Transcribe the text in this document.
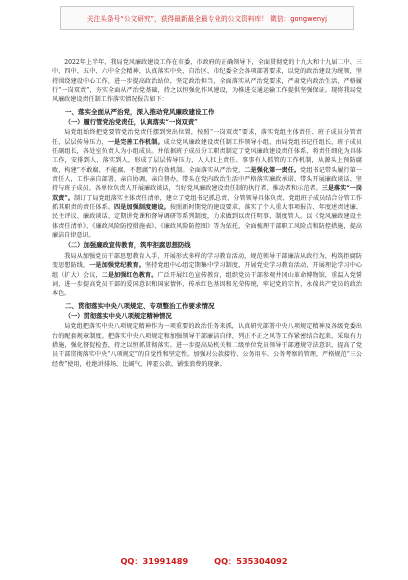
关注头条号“公文研究”，获得最新最全最专业的公文资料库！ 微信：gongwenyj

2022年上半年，我局党风廉政建设工作在市委、市政府的正确领导下，全面贯彻党的十九大和十九届二中、三中、四中、五中、六中全会精神，认真落实中央、自治区、市纪委全会各项部署要求，以党的政治建设为统领，坚持围绕建设中心工作，进一步提高政治站位，坚定政治担当，全面落实从严治党要求，严肃党内政治生活，严格履行“一岗双责”，夯实全面从严治党基础，持之以恒强化作风建设，为推进交通运输工作提供坚强保证。现将我局党风廉政建设责任制工作落实情况报告如下：

一、落实全面从严治党，深入推动党风廉政建设工作
（一）履行管党治党责任，认真落实“一岗双责”

局党组始终把党要管党治党责任摆到突出位置，按照“一岗双责”要求，落实党组主体责任、班子成员分管责任，层层传导压力，一是完善工作机制。成立党风廉政建设责任制工作领导小组，由局党组书记任组长，班子成员任副组长，各处室负责人为小组成员。并依据班子成员分工职责制定了党风廉政建设责任体系，将责任细化为具体工作，安排到人、落实到人，形成了层层传导压力、人人扛上责任、事事有人抓管的工作机制，从源头上预防腐败，构建“不敢腐、不能腐、不想腐”的有效机制。全面落实从严治党，二是强化第一责任。党组书记带头履行第一责任人，工作亲自部署、亲自协调、亲自督办，带头在党内政治生活中严格落实廉政承诺、带头开展廉政谈话、坚持与班子成员、各单位负责人开展廉政谈话，当好党风廉政建设责任制的执行者、推动者和示范者。三是落实“一岗双责”。制订了局党组落实主体责任清单，建立了党组书记抓总责、分管领导具体负责、党组班子成员结合分管工作抓其职责的责任体系。四是加强制度建设。按照新时期党的建设要求，落实了个人重大事项报告、年度述责述廉、民主评议、廉政谈话、定期讲党课和督导调研等系列制度，力求做到以责任明事、制度管人。以《党风廉政建设主体责任清单》、《廉政风险防控措施表》、《廉政风险防控图》等为依托，全面梳理干部职工风险点和防控措施，提高廉洁自律意识。

（二）加强廉政宣传教育，筑牢拒腐思想防线

我局从加强党员干部思想教育入手，开展形式多样的学习教育活动，规范领导干部廉洁从政行为，构筑拒腐防变思想防线，一是加强党纪教育。坚持党组中心组定期集中学习制度，开展党史学习教育活动，开展理论学习中心组（扩大）会议，二是加强红色教育。广泛开展红色宣传教育，组织党员干部参观井冈山革命博物馆，重温入党誓词，进一步提高党员干部的爱国意识和国家情怀，传承红色基因和光荣传统，牢记党的宗旨，永葆共产党员的政治本色。

二、贯彻落实中央八项规定、专项整治工作要求情况
（一）贯彻落实中央八项规定精神情况

局党组把落实中央八项规定精神作为一项重要的政治任务来抓，认真研究部署中央八项规定精神及各级党委出台的配套规章制度。把落实中央八项规定和加强领导干部廉洁自律，列正不正之风等工作紧密结合起来，采取有力措施，强化督促检查，持之以恒抓贯彻落实。进一步提高局机关和二级单位党员领导干部遵规守法意识，提高了党员干部贯彻落实中央“八项规定”的自觉性和坚定性。加强对公款接待、公务用车、公务考察的管理，严格规范“三公经费”使用，杜绝讲排场、比阔气、挥霍公款、铺张浪费的现象。

QQ：31991489	QQ：535304092
